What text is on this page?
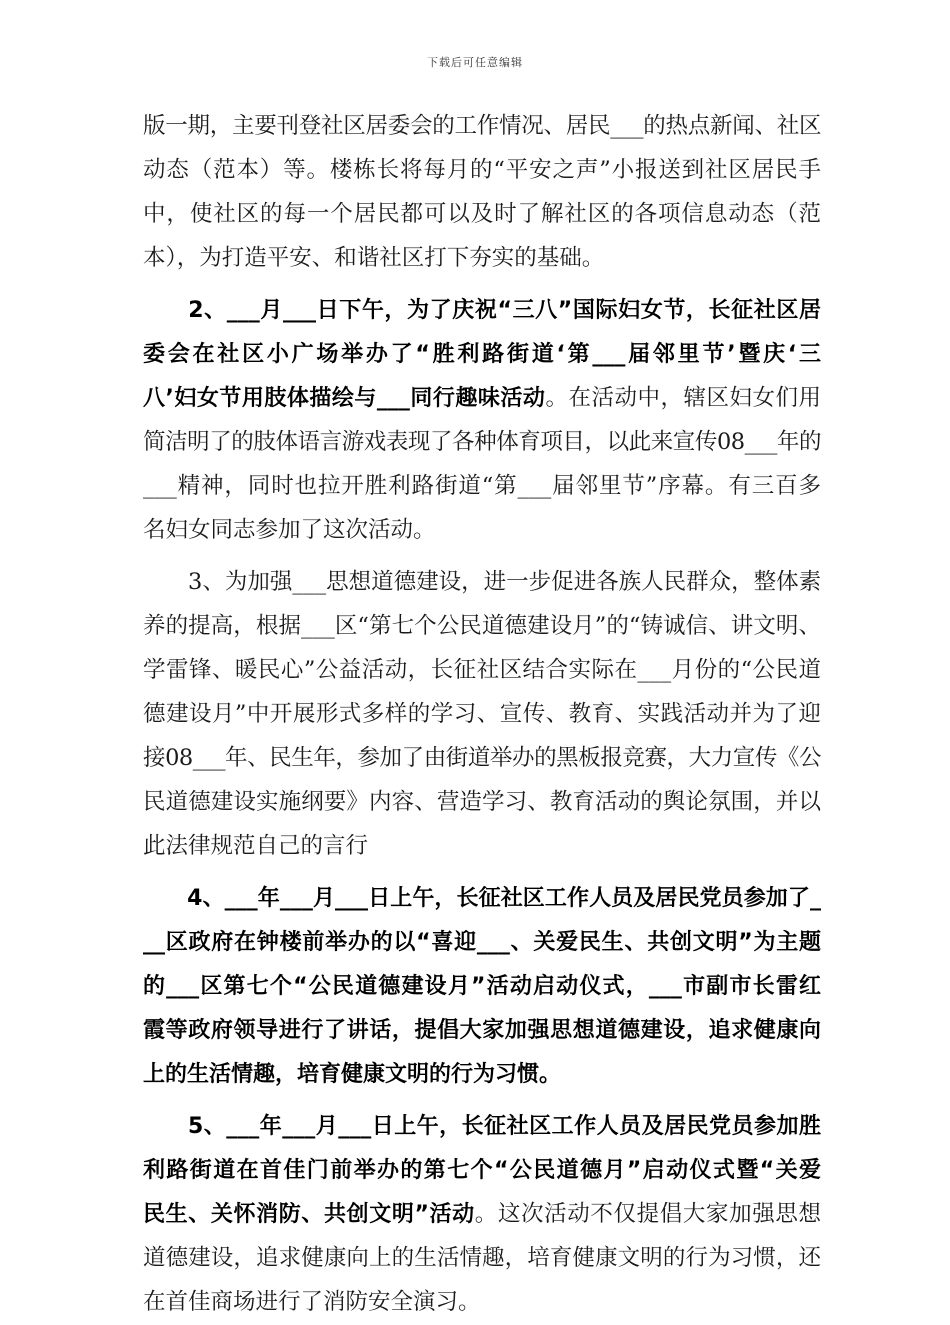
下载后可任意编辑
版一期，主要刊登社区居委会的工作情况、居民___的热点新闻、社区
动态（范本）等。楼栋长将每月的“平安之声”小报送到社区居民手
中，使社区的每一个居民都可以及时了解社区的各项信息动态（范
本），为打造平安、和谐社区打下夯实的基础。
　　2、___月___日下午，为了庆祝“三八”国际妇女节，长征社区居
委会在社区小广场举办了“胜利路街道‘第___届邻里节’暨庆‘三
八’妇女节用肢体描绘与___同行趣味活动。在活动中，辖区妇女们用
简洁明了的肢体语言游戏表现了各种体育项目，以此来宣传08___年的
___精神，同时也拉开胜利路街道“第___届邻里节”序幕。有三百多
名妇女同志参加了这次活动。
　　3、为加强___思想道德建设，进一步促进各族人民群众，整体素
养的提高，根据___区“第七个公民道德建设月”的“铸诚信、讲文明、
学雷锋、暖民心”公益活动，长征社区结合实际在___月份的“公民道
德建设月”中开展形式多样的学习、宣传、教育、实践活动并为了迎
接08___年、民生年，参加了由街道举办的黑板报竞赛，大力宣传《公
民道德建设实施纲要》内容、营造学习、教育活动的舆论氛围，并以
此法律规范自己的言行
　　4、___年___月___日上午，长征社区工作人员及居民党员参加了_
__区政府在钟楼前举办的以“喜迎___、关爱民生、共创文明”为主题
的___区第七个“公民道德建设月”活动启动仪式，___市副市长雷红
霞等政府领导进行了讲话，提倡大家加强思想道德建设，追求健康向
上的生活情趣，培育健康文明的行为习惯。
　　5、___年___月___日上午，长征社区工作人员及居民党员参加胜
利路街道在首佳门前举办的第七个“公民道德月”启动仪式暨“关爱
民生、关怀消防、共创文明”活动。这次活动不仅提倡大家加强思想
道德建设，追求健康向上的生活情趣，培育健康文明的行为习惯，还
在首佳商场进行了消防安全演习。
